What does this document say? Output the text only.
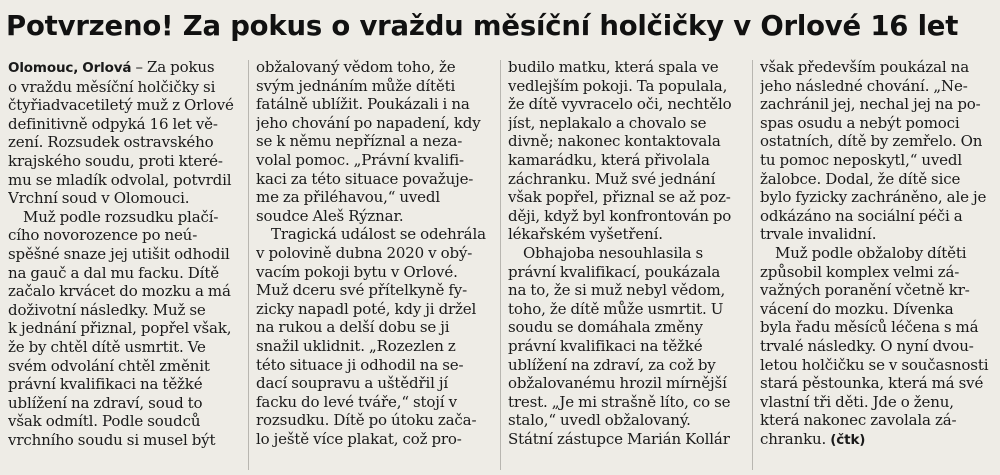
Potvrzeno! Za pokus o vraždu měsíční holčičky v Orlové 16 let

Olomouc, Orlová – Za pokus
o vraždu měsíční holčičky si
čtyřiadvacetiletý muž z Orlové
definitivně odpyká 16 let vě-
zení. Rozsudek ostravského
krajského soudu, proti které-
mu se mladík odvolal, potvrdil
Vrchní soud v Olomouci.

Muž podle rozsudku plačí-
cího novorozence po neú-
spěšné snaze jej utišit odhodil
na gauč a dal mu facku. Dítě
začalo krvácet do mozku a má
doživotní následky. Muž se
k jednání přiznal, popřel však,
že by chtěl dítě usmrtit. Ve
svém odvolání chtěl změnit
právní kvalifikaci na těžké
ublížení na zdraví, soud to
však odmítl. Podle soudců
vrchního soudu si musel být

obžalovaný vědom toho, že
svým jednáním může dítěti
fatálně ublížit. Poukázali i na
jeho chování po napadení, kdy
se k němu nepříznal a neza-
volal pomoc. „Právní kvalifi-
kaci za této situace považuje-
me za přiléhavou,“ uvedl
soudce Aleš Rýznar.

Tragická událost se odehrála
v polovině dubna 2020 v obý-
vacím pokoji bytu v Orlové.
Muž dceru své přítelkyně fy-
zicky napadl poté, kdy ji držel
na rukou a delší dobu se ji
snažil uklidnit. „Rozezlen z
této situace ji odhodil na se-
dací soupravu a uštědřil jí
facku do levé tváře,“ stojí v
rozsudku. Dítě po útoku zača-
lo ještě více plakat, což pro-

budilo matku, která spala ve
vedlejším pokoji. Ta populala,
že dítě vyvracelo oči, nechtělo
jíst, neplakalo a chovalo se
divně; nakonec kontaktovala
kamarádku, která přivolala
záchranku. Muž své jednání
však popřel, přiznal se až poz-
ději, když byl konfrontován po
lékařském vyšetření.

Obhajoba nesouhlasila s
právní kvalifikací, poukázala
na to, že si muž nebyl vědom,
toho, že dítě může usmrtit. U
soudu se domáhala změny
právní kvalifikaci na těžké
ublížení na zdraví, za což by
obžalovanému hrozil mírnější
trest. „Je mi strašně líto, co se
stalo,“ uvedl obžalovaný.
Státní zástupce Marián Kollár

však především poukázal na
jeho následné chování. „Ne-
zachránil jej, nechal jej na po-
spas osudu a nebýt pomoci
ostatních, dítě by zemřelo. On
tu pomoc neposkytl,“ uvedl
žalobce. Dodal, že dítě sice
bylo fyzicky zachráněno, ale je
odkázáno na sociální péči a
trvale invalidní.

Muž podle obžaloby dítěti
způsobil komplex velmi zá-
važných poranění včetně kr-
vácení do mozku. Dívenka
byla řadu měsíců léčena s má
trvalé následky. O nyní dvou-
letou holčičku se v současnosti
stará pěstounka, která má své
vlastní tři děti. Jde o ženu,
která nakonec zavolala zá-
chranku. (čtk)
